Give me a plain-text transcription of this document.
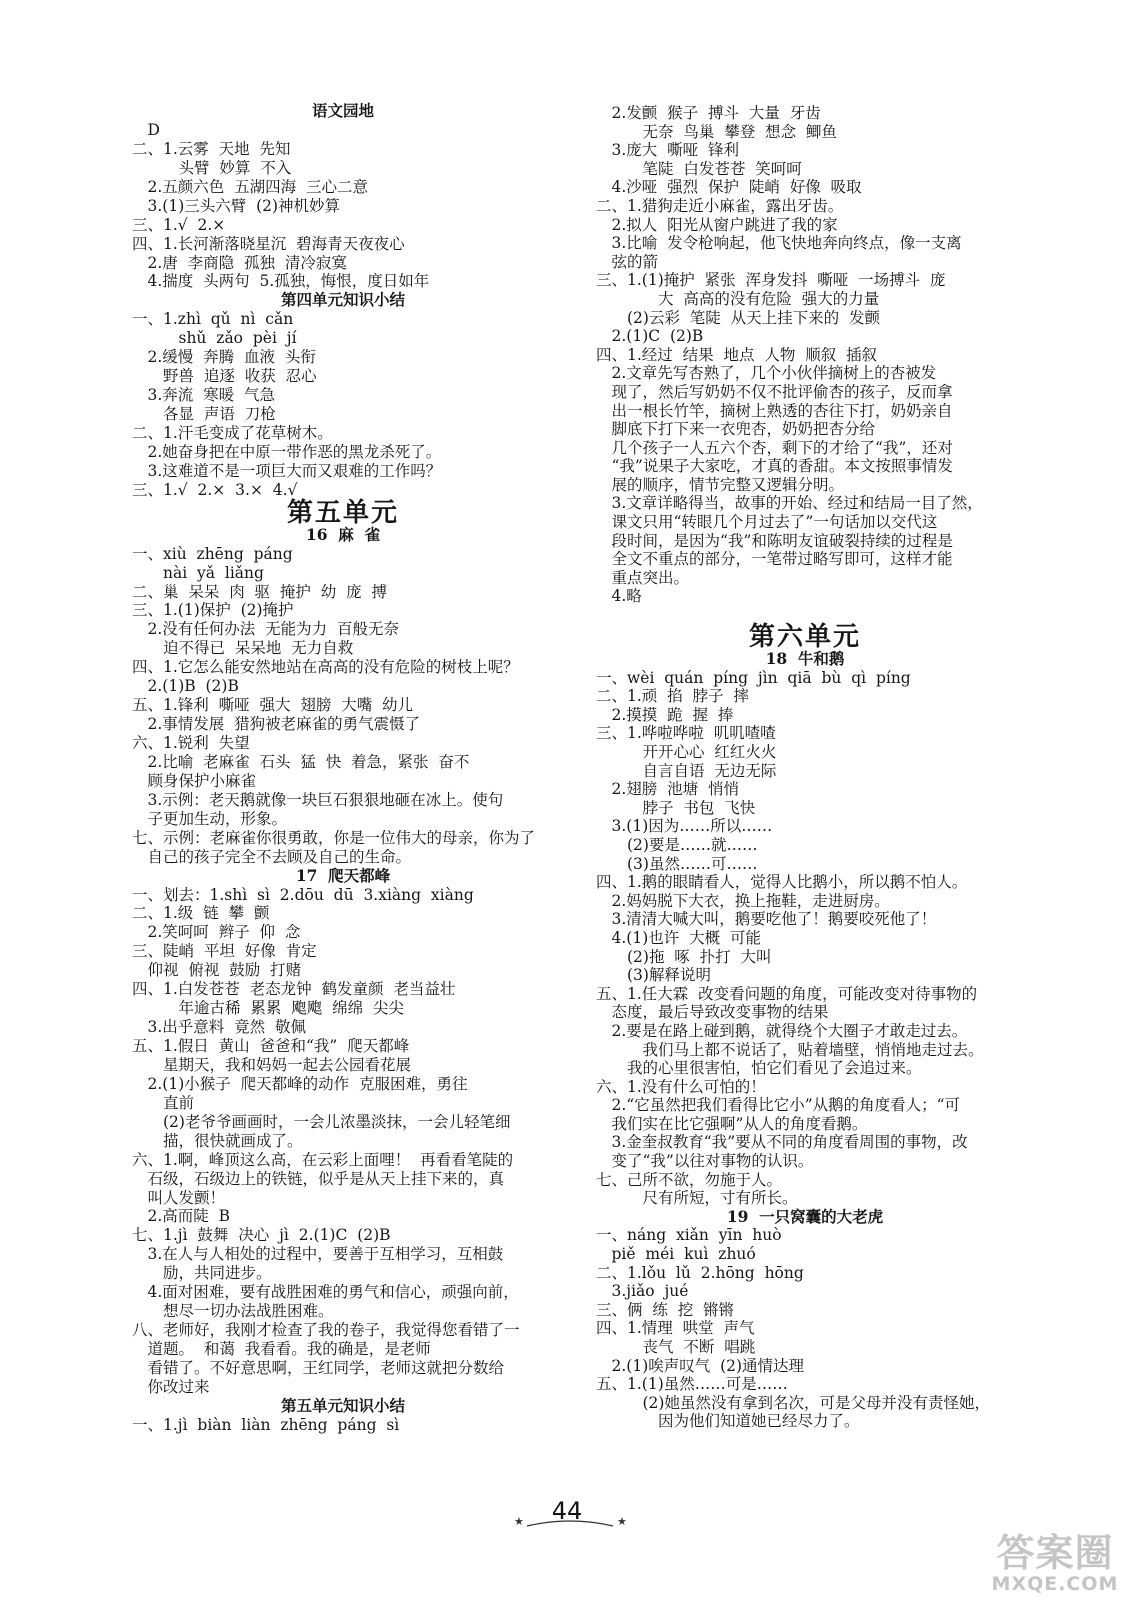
语文园地
D
二、1.云雾  天地  先知
头臂  妙算  不入
2.五颜六色  五湖四海  三心二意
3.(1)三头六臂  (2)神机妙算
三、1.√  2.×
四、1.长河渐落晓星沉  碧海青天夜夜心
2.唐  李商隐  孤独  清冷寂寞
4.揣度  头两句  5.孤独，悔恨，度日如年
第四单元知识小结
一、1.zhì  qǔ  nì  cǎn
shǔ  zǎo  pèi  jí
2.缓慢  奔腾  血液  头衔
野兽  追逐  收获  忍心
3.奔流  寒暖  气急
各显  声语  刀枪
二、1.汗毛变成了花草树木。
2.她奋身把在中原一带作恶的黑龙杀死了。
3.这难道不是一项巨大而又艰难的工作吗？
三、1.√  2.×  3.×  4.√
第五单元
16  麻  雀
一、xiù  zhēng  páng
nài  yǎ  liǎng
二、巢  呆呆  肉  驱  掩护  幼  庞  搏
三、1.(1)保护  (2)掩护
2.没有任何办法  无能为力  百般无奈
迫不得已  呆呆地  无力自救
四、1.它怎么能安然地站在高高的没有危险的树枝上呢？
2.(1)B  (2)B
五、1.锋利  嘶哑  强大  翅膀  大嘴  幼儿
2.事情发展  猎狗被老麻雀的勇气震慑了
六、1.锐利  失望
2.比喻  老麻雀  石头  猛  快  着急，紧张  奋不
顾身保护小麻雀
3.示例：老天鹅就像一块巨石狠狠地砸在冰上。使句
子更加生动，形象。
七、示例：老麻雀你很勇敢，你是一位伟大的母亲，你为了
自己的孩子完全不去顾及自己的生命。
17  爬天都峰
一、划去：1.shì  sì  2.dōu  dū  3.xiàng  xiàng
二、1.级  链  攀  颤
2.笑呵呵  辫子  仰  念
三、陡峭  平坦  好像  肯定
仰视  俯视  鼓励  打赌
四、1.白发苍苍  老态龙钟  鹤发童颜  老当益壮
年逾古稀  累累  飑飑  绵绵  尖尖
3.出乎意料  竟然  敬佩
五、1.假日  黄山  爸爸和“我”  爬天都峰
星期天，我和妈妈一起去公园看花展
2.(1)小猴子  爬天都峰的动作  克服困难，勇往
直前
(2)老爷爷画画时，一会儿浓墨淡抹，一会儿轻笔细
描，很快就画成了。
六、1.啊，峰顶这么高，在云彩上面哩！  再看看笔陡的
石级，石级边上的铁链，似乎是从天上挂下来的，真
叫人发颤！
2.高而陡  B
七、1.jì  鼓舞  决心  jì  2.(1)C  (2)B
3.在人与人相处的过程中，要善于互相学习，互相鼓
励，共同进步。
4.面对困难，要有战胜困难的勇气和信心，顽强向前，
想尽一切办法战胜困难。
八、老师好，我刚才检查了我的卷子，我觉得您看错了一
道题。  和蔼  我看看。我的确是，是老师
看错了。不好意思啊，王红同学，老师这就把分数给
你改过来
第五单元知识小结
一、1.jì  biàn  liàn  zhēng  páng  sì
2.发颤  猴子  搏斗  大量  牙齿
无奈  鸟巢  攀登  想念  鲫鱼
3.庞大  嘶哑  锋利
笔陡  白发苍苍  笑呵呵
4.沙哑  强烈  保护  陡峭  好像  吸取
二、1.猎狗走近小麻雀，露出牙齿。
2.拟人  阳光从窗户跳进了我的家
3.比喻  发令枪响起，他飞快地奔向终点，像一支离
弦的箭
三、1.(1)掩护  紧张  浑身发抖  嘶哑  一场搏斗  庞
大  高高的没有危险  强大的力量
(2)云彩  笔陡  从天上挂下来的  发颤
2.(1)C  (2)B
四、1.经过  结果  地点  人物  顺叙  插叙
2.文章先写杏熟了，几个小伙伴摘树上的杏被发
现了，然后写奶奶不仅不批评偷杏的孩子，反而拿
出一根长竹竿，摘树上熟透的杏往下打，奶奶亲自
脚底下打下来一衣兜杏，奶奶把杏分给
几个孩子一人五六个杏，剩下的才给了“我”，还对
“我”说果子大家吃，才真的香甜。本文按照事情发
展的顺序，情节完整又逻辑分明。
3.文章详略得当，故事的开始、经过和结局一目了然，
课文只用“转眼几个月过去了”一句话加以交代这
段时间，是因为“我”和陈明友谊破裂持续的过程是
全文不重点的部分，一笔带过略写即可，这样才能
重点突出。
4.略
第六单元
18  牛和鹅
一、wèi  quán  píng  jìn  qiā  bù  qì  píng
二、1.顽  掐  脖子  摔
2.摸摸  跪  握  捧
三、1.哗啦哗啦  叽叽喳喳
开开心心  红红火火
自言自语  无边无际
2.翅膀  池塘  悄悄
脖子  书包  飞快
3.(1)因为……所以……
(2)要是……就……
(3)虽然……可……
四、1.鹅的眼睛看人，觉得人比鹅小，所以鹅不怕人。
2.妈妈脱下大衣，换上拖鞋，走进厨房。
3.清清大喊大叫，鹅要吃他了！鹅要咬死他了！
4.(1)也许  大概  可能
(2)拖  啄  扑打  大叫
(3)解释说明
五、1.任大霖  改变看问题的角度，可能改变对待事物的
态度，最后导致改变事物的结果
2.要是在路上碰到鹅，就得绕个大圈子才敢走过去。
我们马上都不说话了，贴着墙壁，悄悄地走过去。
我的心里很害怕，怕它们看见了会追过来。
六、1.没有什么可怕的！
2.“它虽然把我们看得比它小”从鹅的角度看人；“可
我们实在比它强啊”从人的角度看鹅。
3.金奎叔教育“我”要从不同的角度看周围的事物，改
变了“我”以往对事物的认识。
七、己所不欲，勿施于人。
尺有所短，寸有所长。
19  一只窝囊的大老虎
一、náng  xiǎn  yīn  huò
piě  méi  kuì  zhuó
二、1.lǒu  lǔ  2.hōng  hōng
3.jiǎo  jué
三、俩  练  挖  锵锵
四、1.情理  哄堂  声气
丧气  不断  唱跳
2.(1)唉声叹气  (2)通情达理
五、1.(1)虽然……可是……
(2)她虽然没有拿到名次，可是父母并没有责怪她，
因为他们知道她已经尽力了。
★	44	★
答案圈
MXQE.COM
